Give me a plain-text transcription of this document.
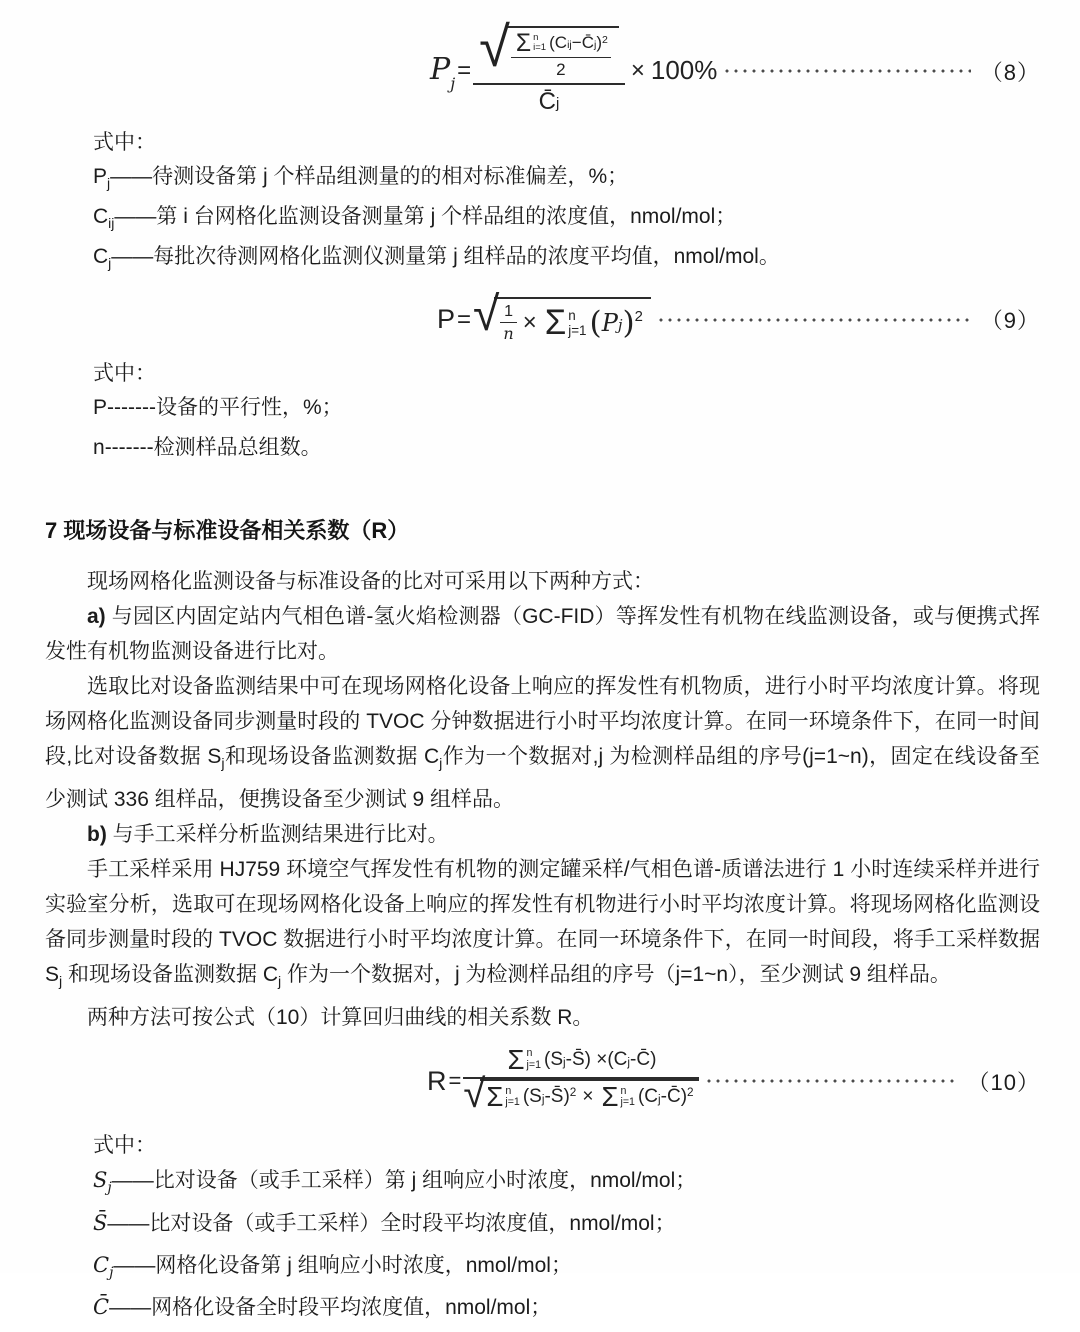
$P_j$ = √ Σ n
i=1 ( $C_{ij}$ − $C̄_j$ )$^2$
2
$C̄_j$
× 100%	（8）
式中：
$P_j——$待测设备第 j 个样品组测量的的相对标准偏差，%；
$C_{ij}——$第 i 台网格化监测设备测量第 j 个样品组的浓度值，nmol/mol；
$C_j——$每批次待测网格化监测仪测量第 j 组样品的浓度平均值，nmol/mol。
P = √ $\frac{1}{n} \times \Sigma$ n
j=1 ( $P_j$ )$^2$	（9）
式中：
P-------设备的平行性，%；
n-------检测样品总组数。
7 现场设备与标准设备相关系数（R）

现场网格化监测设备与标准设备的比对可采用以下两种方式：

a) 与园区内固定站内气相色谱-氢火焰检测器（GC-FID）等挥发性有机物在线监测设备，或与便携式挥发性有机物监测设备进行比对。

选取比对设备监测结果中可在现场网格化设备上响应的挥发性有机物质，进行小时平均浓度计算。将现场网格化监测设备同步测量时段的 TVOC 分钟数据进行小时平均浓度计算。在同一环境条件下，在同一时间段,比对设备数据 $S_j$和现场设备监测数据 $C_j$作为一个数据对,j 为检测样品组的序号(j=1~n)，固定在线设备至少测试 336 组样品，便携设备至少测试 9 组样品。

b) 与手工采样分析监测结果进行比对。

手工采样采用 HJ759 环境空气挥发性有机物的测定罐采样/气相色谱-质谱法进行 1 小时连续采样并进行实验室分析，选取可在现场网格化设备上响应的挥发性有机物进行小时平均浓度计算。将现场网格化监测设备同步测量时段的 TVOC 数据进行小时平均浓度计算。在同一环境条件下，在同一时间段，将手工采样数据 $S_j$ 和现场设备监测数据 $C_j$ 作为一个数据对，j 为检测样品组的序号（j=1~n），至少测试 9 组样品。

两种方法可按公式（10）计算回归曲线的相关系数 R。

R =
Σ n
j=1 ($S_j$ -S̄) $\times(C_j$ -C̄)
√ Σ n
j=1 ($S_j$ -S̄)$^2$ × Σ n
j=1 ($C_j$ -C̄)$^2$	（10）
式中：
$S_j——$比对设备（或手工采样）第 j 组响应小时浓度，nmol/mol；
S̄——比对设备（或手工采样）全时段平均浓度值，nmol/mol；
$C_j——$网格化设备第 j 组响应小时浓度，nmol/mol；
C̄——网格化设备全时段平均浓度值，nmol/mol；
